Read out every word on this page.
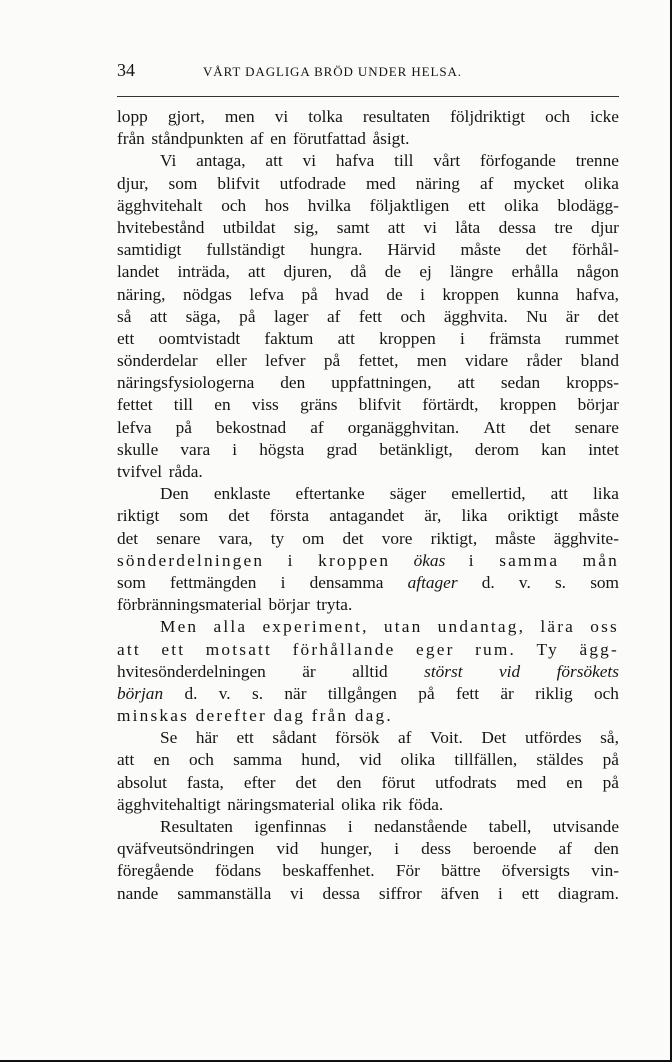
34	VÅRT DAGLIGA BRÖD UNDER HELSA.
lopp gjort, men vi tolka resultaten följdriktigt och icke
från ståndpunkten af en förutfattad åsigt.
Vi antaga, att vi hafva till vårt förfogande trenne
djur, som blifvit utfodrade med näring af mycket olika
ägghvitehalt och hos hvilka följaktligen ett olika blodägg-
hvitebestånd utbildat sig, samt att vi låta dessa tre djur
samtidigt fullständigt hungra. Härvid måste det förhål-
landet inträda, att djuren, då de ej längre erhålla någon
näring, nödgas lefva på hvad de i kroppen kunna hafva,
så att säga, på lager af fett och ägghvita. Nu är det
ett oomtvistadt faktum att kroppen i främsta rummet
sönderdelar eller lefver på fettet, men vidare råder bland
näringsfysiologerna den uppfattningen, att sedan kropps-
fettet till en viss gräns blifvit förtärdt, kroppen börjar
lefva på bekostnad af organägghvitan. Att det senare
skulle vara i högsta grad betänkligt, derom kan intet
tvifvel råda.
Den enklaste eftertanke säger emellertid, att lika
riktigt som det första antagandet är, lika oriktigt måste
det senare vara, ty om det vore riktigt, måste ägghvite-
sönderdelningen i kroppen ökas i samma mån
som fettmängden i densamma aftager d. v. s. som
förbränningsmaterial börjar tryta.
Men alla experiment, utan undantag, lära oss
att ett motsatt förhållande eger rum. Ty ägg-
hvitesönderdelningen är alltid störst vid försökets
början d. v. s. när tillgången på fett är riklig och
minskas derefter dag från dag.
Se här ett sådant försök af Voit. Det utfördes så,
att en och samma hund, vid olika tillfällen, stäldes på
absolut fasta, efter det den förut utfodrats med en på
ägghvitehaltigt näringsmaterial olika rik föda.
Resultaten igenfinnas i nedanstående tabell, utvisande
qväfveutsöndringen vid hunger, i dess beroende af den
föregående födans beskaffenhet. För bättre öfversigts vin-
nande sammanställa vi dessa siffror äfven i ett diagram.
